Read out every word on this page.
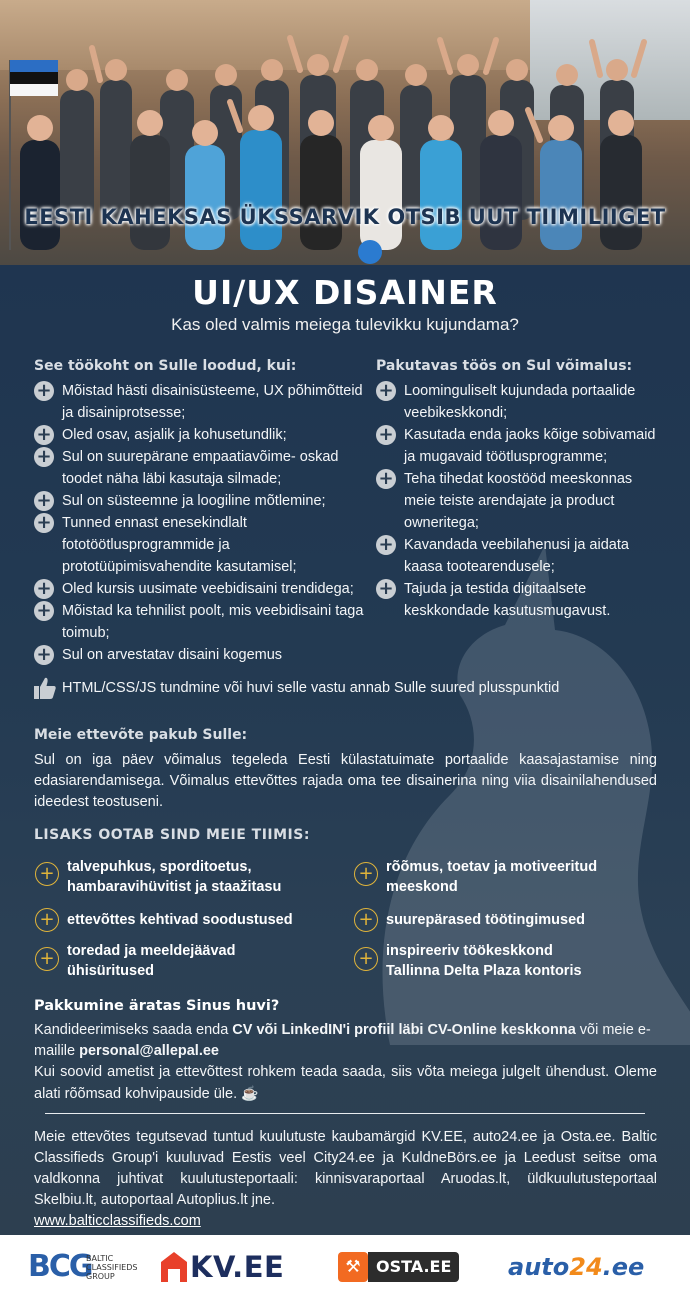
EESTI KAHEKSAS ÜKSSARVIK OTSIB UUT TIIMILIIGET
UI/UX DISAINER
Kas oled valmis meiega tulevikku kujundama?
See töökoht on Sulle loodud, kui:
+ Mõistad hästi disainisüsteeme, UX põhimõtteid ja disainiprotsesse;
+ Oled osav, asjalik ja kohusetundlik;
+ Sul on suurepärane empaatiavõime- oskad toodet näha läbi kasutaja silmade;
+ Sul on süsteemne ja loogiline mõtlemine;
+ Tunned ennast enesekindlalt fototöötlusprogrammide ja prototüüpimisvahendite kasutamisel;
+ Oled kursis uusimate veebidisaini trendidega;
+ Mõistad ka tehnilist poolt, mis veebidisaini taga toimub;
+ Sul on arvestatav disaini kogemus
Pakutavas töös on Sul võimalus:
+ Loominguliselt kujundada portaalide veebikeskkondi;
+ Kasutada enda jaoks kõige sobivamaid ja mugavaid töötlusprogramme;
+ Teha tihedat koostööd meeskonnas meie teiste arendajate ja product owneritega;
+ Kavandada veebilahenusi ja aidata kaasa tootearendusele;
+ Tajuda ja testida digitaalsete keskkondade kasutusmugavust.
HTML/CSS/JS tundmine või huvi selle vastu annab Sulle suured plusspunktid
Meie ettevõte pakub Sulle:
Sul on iga päev võimalus tegeleda Eesti külastatuimate portaalide kaasajastamise ning edasiarendamisega. Võimalus ettevõttes rajada oma tee disainerina ning viia disainilahendused ideedest teostuseni.
LISAKS OOTAB SIND MEIE TIIMIS:
+ talvepuhkus, sporditoetus,
hambaravihüvitist ja staažitasu
+ rõõmus, toetav ja motiveeritud
meeskond
+ ettevõttes kehtivad soodustused	+ suurepärased töötingimused
+ toredad ja meeldejäävad
ühisüritused
+ inspireeriv töökeskkond
Tallinna Delta Plaza kontoris
Pakkumine äratas Sinus huvi?
Kandideerimiseks saada enda CV või LinkedIN'i profiil läbi CV-Online keskkonna või meie e-mailile personal@allepal.ee
Kui soovid ametist ja ettevõttest rohkem teada saada, siis võta meiega julgelt ühendust. Oleme alati rõõmsad kohvipauside üle. ☕
Meie ettevõtes tegutsevad tuntud kuulutuste kaubamärgid KV.EE, auto24.ee ja Osta.ee. Baltic Classifieds Group'i kuuluvad Eestis veel City24.ee ja KuldneBörs.ee ja Leedust seitse oma valdkonna juhtivat kuulutusteportaali: kinnisvaraportaal Aruodas.lt, üldkuulutusteportaal Skelbiu.lt, autoportaal Autoplius.lt jne.
www.balticclassifieds.com
BCG
BALTIC
CLASSIFIEDS
GROUP	KV.EE	⚒ OSTA.EE	auto24.ee
